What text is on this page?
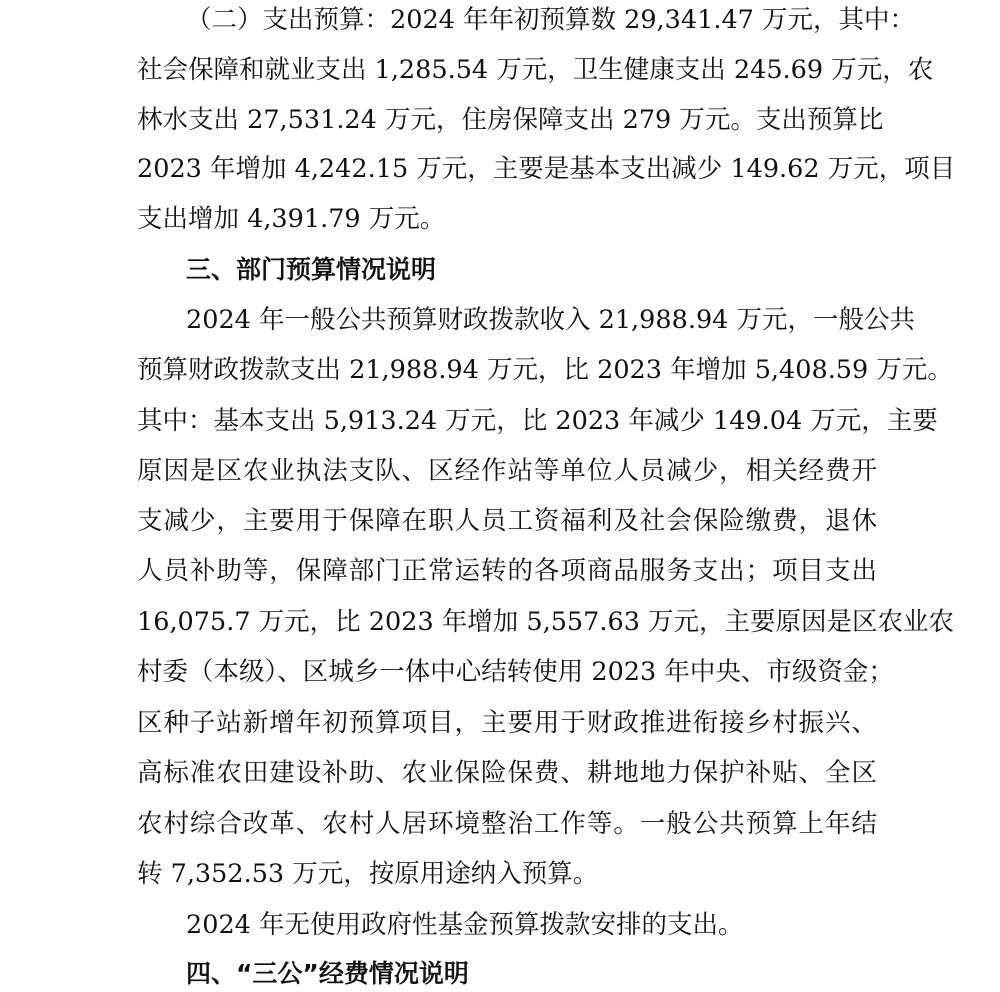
（二）支出预算：2024 年年初预算数 29,341.47 万元，其中：
社会保障和就业支出 1,285.54 万元，卫生健康支出 245.69 万元，农
林水支出 27,531.24 万元，住房保障支出 279 万元。支出预算比
2023 年增加 4,242.15 万元，主要是基本支出减少 149.62 万元，项目
支出增加 4,391.79 万元。
三、部门预算情况说明
2024 年一般公共预算财政拨款收入 21,988.94 万元，一般公共
预算财政拨款支出 21,988.94 万元，比 2023 年增加 5,408.59 万元。
其中：基本支出 5,913.24 万元，比 2023 年减少 149.04 万元，主要
原因是区农业执法支队、区经作站等单位人员减少，相关经费开
支减少，主要用于保障在职人员工资福利及社会保险缴费，退休
人员补助等，保障部门正常运转的各项商品服务支出；项目支出
16,075.7 万元，比 2023 年增加 5,557.63 万元，主要原因是区农业农
村委（本级）、区城乡一体中心结转使用 2023 年中央、市级资金；
区种子站新增年初预算项目，主要用于财政推进衔接乡村振兴、
高标准农田建设补助、农业保险保费、耕地地力保护补贴、全区
农村综合改革、农村人居环境整治工作等。一般公共预算上年结
转 7,352.53 万元，按原用途纳入预算。
2024 年无使用政府性基金预算拨款安排的支出。
四、“三公”经费情况说明
